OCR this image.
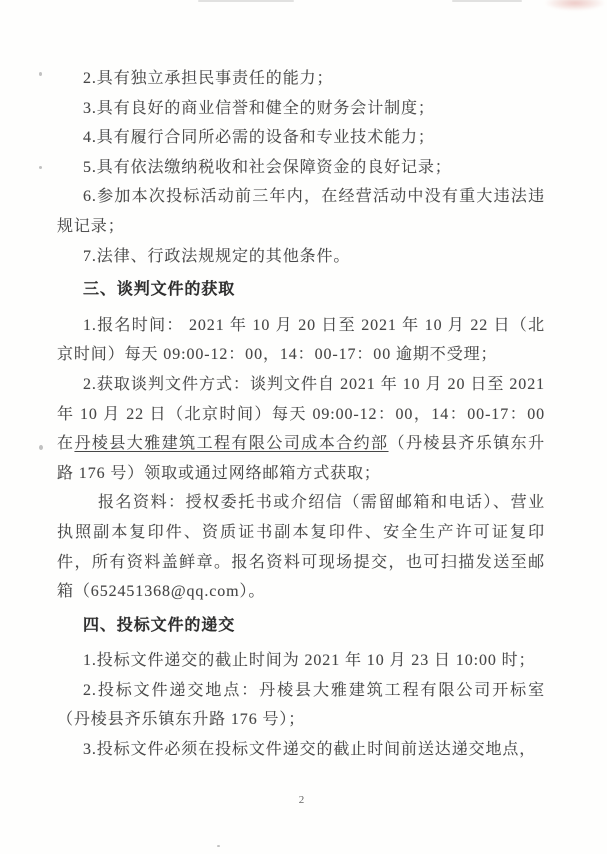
2.具有独立承担民事责任的能力；

3.具有良好的商业信誉和健全的财务会计制度；

4.具有履行合同所必需的设备和专业技术能力；

5.具有依法缴纳税收和社会保障资金的良好记录；

6.参加本次投标活动前三年内，在经营活动中没有重大违法违规记录；

7.法律、行政法规规定的其他条件。

三、谈判文件的获取

1.报名时间： 2021 年 10 月 20 日至 2021 年 10 月 22 日（北京时间）每天 09:00-12：00，14：00-17：00 逾期不受理；

2.获取谈判文件方式：谈判文件自 2021 年 10 月 20 日至 2021 年 10 月 22 日（北京时间）每天 09:00-12：00，14：00-17：00 在丹棱县大雅建筑工程有限公司成本合约部（丹棱县齐乐镇东升路 176 号）领取或通过网络邮箱方式获取；

报名资料：授权委托书或介绍信（需留邮箱和电话）、营业执照副本复印件、资质证书副本复印件、安全生产许可证复印件，所有资料盖鲜章。报名资料可现场提交，也可扫描发送至邮箱（652451368@qq.com）。

四、投标文件的递交

1.投标文件递交的截止时间为 2021 年 10 月 23 日 10:00 时；

2.投标文件递交地点：丹棱县大雅建筑工程有限公司开标室（丹棱县齐乐镇东升路 176 号）；

3.投标文件必须在投标文件递交的截止时间前送达递交地点，

2
